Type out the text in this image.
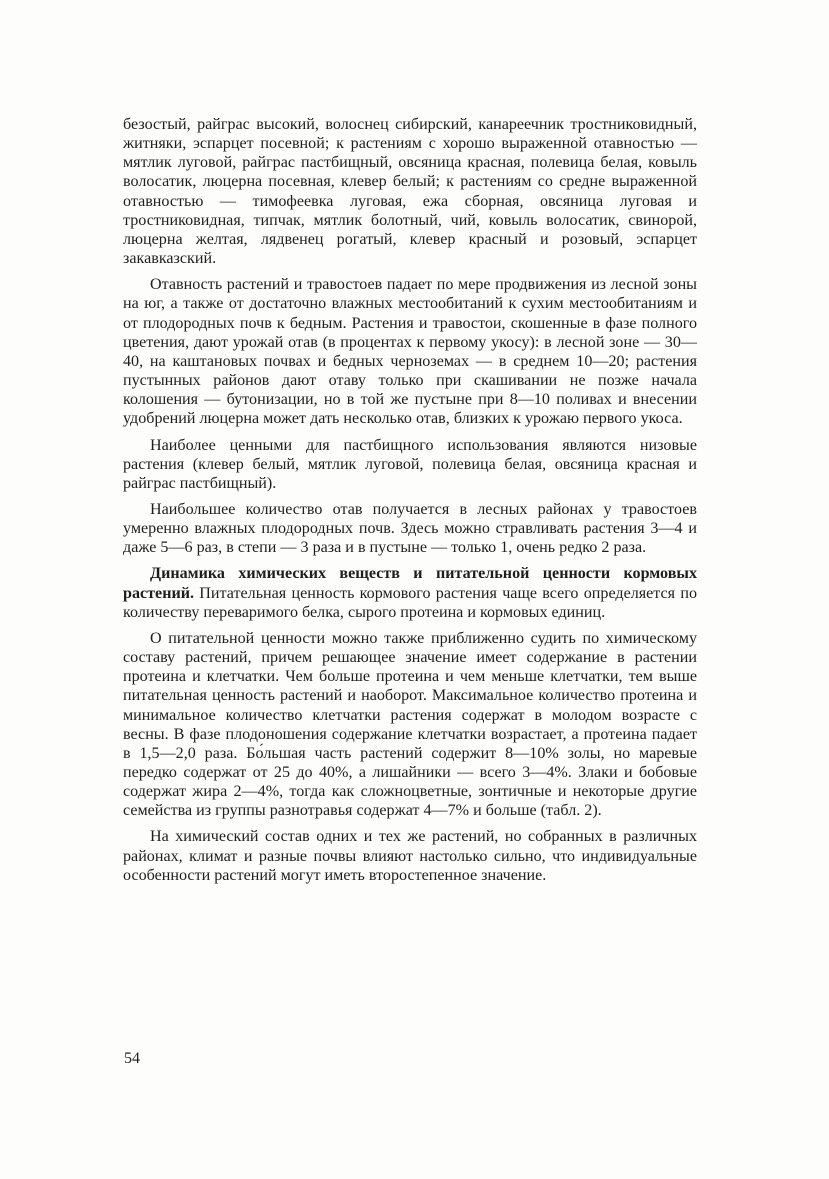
безостый, райграс высокий, волоснец сибирский, канареечник тростниковидный, житняки, эспарцет посевной; к растениям с хорошо выраженной отавностью — мятлик луговой, райграс пастбищный, овсяница красная, полевица белая, ковыль волосатик, люцерна посевная, клевер белый; к растениям со средне выраженной отавностью — тимофеевка луговая, ежа сборная, овсяница луговая и тростниковидная, типчак, мятлик болотный, чий, ковыль волосатик, свинорой, люцерна желтая, лядвенец рогатый, клевер красный и розовый, эспарцет закавказский.

Отавность растений и травостоев падает по мере продвижения из лесной зоны на юг, а также от достаточно влажных местообитаний к сухим местообитаниям и от плодородных почв к бедным. Растения и травостои, скошенные в фазе полного цветения, дают урожай отав (в процентах к первому укосу): в лесной зоне — 30—40, на каштановых почвах и бедных черноземах — в среднем 10—20; растения пустынных районов дают отаву только при скашивании не позже начала колошения — бутонизации, но в той же пустыне при 8—10 поливах и внесении удобрений люцерна может дать несколько отав, близких к урожаю первого укоса.

Наиболее ценными для пастбищного использования являются низовые растения (клевер белый, мятлик луговой, полевица белая, овсяница красная и райграс пастбищный).

Наибольшее количество отав получается в лесных районах у травостоев умеренно влажных плодородных почв. Здесь можно стравливать растения 3—4 и даже 5—6 раз, в степи — 3 раза и в пустыне — только 1, очень редко 2 раза.

Динамика химических веществ и питательной ценности кормовых растений. Питательная ценность кормового растения чаще всего определяется по количеству переваримого белка, сырого протеина и кормовых единиц.

О питательной ценности можно также приближенно судить по химическому составу растений, причем решающее значение имеет содержание в растении протеина и клетчатки. Чем больше протеина и чем меньше клетчатки, тем выше питательная ценность растений и наоборот. Максимальное количество протеина и минимальное количество клетчатки растения содержат в молодом возрасте с весны. В фазе плодоношения содержание клетчатки возрастает, а протеина падает в 1,5—2,0 раза. Бо́льшая часть растений содержит 8—10% золы, но маревые передко содержат от 25 до 40%, а лишайники — всего 3—4%. Злаки и бобовые содержат жира 2—4%, тогда как сложноцветные, зонтичные и некоторые другие семейства из группы разнотравья содержат 4—7% и больше (табл. 2).

На химический состав одних и тех же растений, но собранных в различных районах, климат и разные почвы влияют настолько сильно, что индивидуальные особенности растений могут иметь второстепенное значение.

54
